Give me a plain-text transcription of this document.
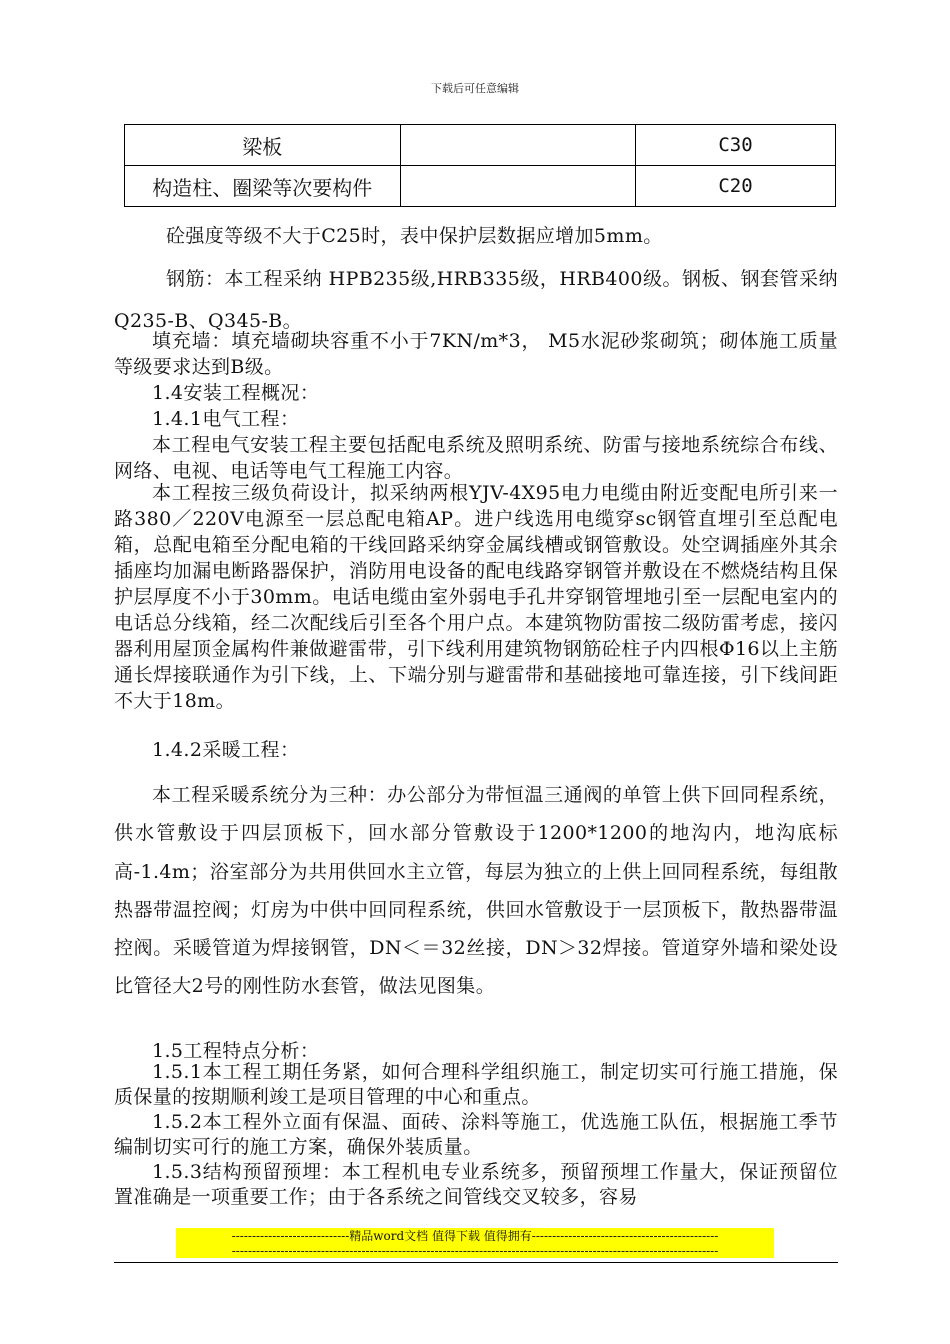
下载后可任意编辑
梁板		C30
构造柱、圈梁等次要构件		C20

砼强度等级不大于C25时，表中保护层数据应增加5mm。

钢筋：本工程采纳 HPB235级,HRB335级，HRB400级。钢板、钢套管采纳Q235-B、Q345-B。

填充墙：填充墙砌块容重不小于7KN/m*3， M5水泥砂浆砌筑；砌体施工质量等级要求达到B级。

1.4安装工程概况：

1.4.1电气工程：

本工程电气安装工程主要包括配电系统及照明系统、防雷与接地系统综合布线、网络、电视、电话等电气工程施工内容。

本工程按三级负荷设计，拟采纳两根YJV-4X95电力电缆由附近变配电所引来一路380／220V电源至一层总配电箱AP。进户线选用电缆穿sc钢管直埋引至总配电箱，总配电箱至分配电箱的干线回路采纳穿金属线槽或钢管敷设。处空调插座外其余插座均加漏电断路器保护，消防用电设备的配电线路穿钢管并敷设在不燃烧结构且保护层厚度不小于30mm。电话电缆由室外弱电手孔井穿钢管埋地引至一层配电室内的电话总分线箱，经二次配线后引至各个用户点。本建筑物防雷按二级防雷考虑，接闪器利用屋顶金属构件兼做避雷带，引下线利用建筑物钢筋砼柱子内四根Φ16以上主筋通长焊接联通作为引下线，上、下端分别与避雷带和基础接地可靠连接，引下线间距不大于18m。

1.4.2采暖工程：

本工程采暖系统分为三种：办公部分为带恒温三通阀的单管上供下回同程系统，供水管敷设于四层顶板下，回水部分管敷设于1200*1200的地沟内，地沟底标高-1.4m；浴室部分为共用供回水主立管，每层为独立的上供上回同程系统，每组散热器带温控阀；灯房为中供中回同程系统，供回水管敷设于一层顶板下，散热器带温控阀。采暖管道为焊接钢管，DN＜＝32丝接，DN＞32焊接。管道穿外墙和梁处设比管径大2号的刚性防水套管，做法见图集。

1.5工程特点分析：

1.5.1本工程工期任务紧，如何合理科学组织施工，制定切实可行施工措施，保质保量的按期顺利竣工是项目管理的中心和重点。

1.5.2本工程外立面有保温、面砖、涂料等施工，优选施工队伍，根据施工季节编制切实可行的施工方案，确保外装质量。

1.5.3结构预留预埋：本工程机电专业系统多，预留预埋工作量大，保证预留位置准确是一项重要工作；由于各系统之间管线交叉较多，容易

-----------------------------精品word文档 值得下载 值得拥有----------------------------------------------
------------------------------------------------------------------------------------------------------------------------
